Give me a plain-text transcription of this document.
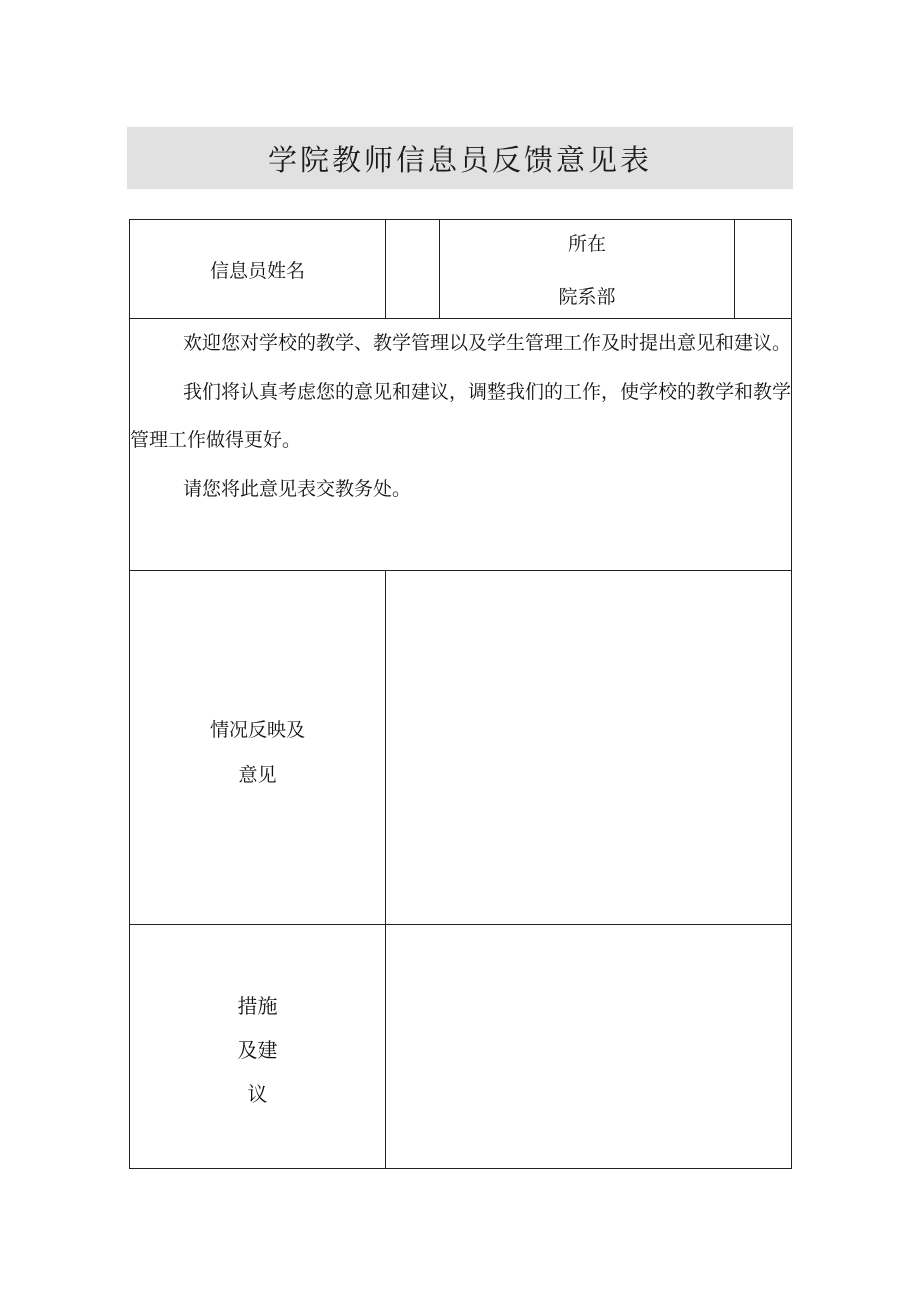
学院教师信息员反馈意见表
信息员姓名		所在
院系部	

欢迎您对学校的教学、教学管理以及学生管理工作及时提出意见和建议。

我们将认真考虑您的意见和建议，调整我们的工作，使学校的教学和教学管理工作做得更好。

请您将此意见表交教务处。			

情况反映及
意见			

措施
及建
议			
